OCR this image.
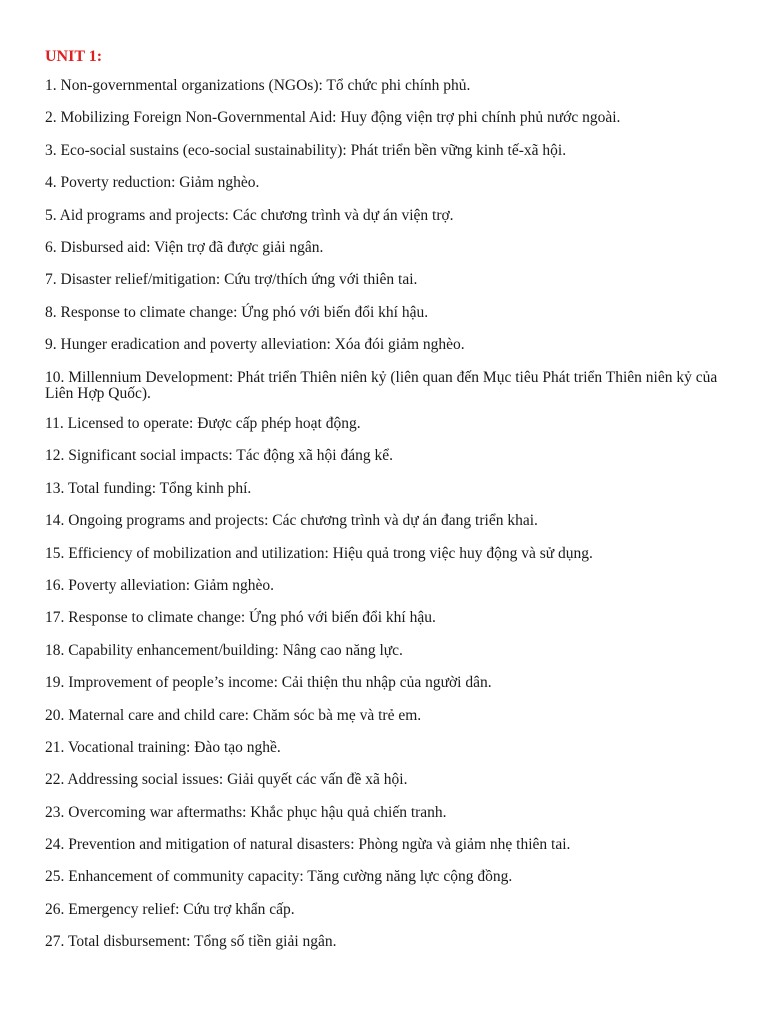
UNIT 1:
1. Non-governmental organizations (NGOs): Tổ chức phi chính phủ.
2. Mobilizing Foreign Non-Governmental Aid: Huy động viện trợ phi chính phủ nước ngoài.
3. Eco-social sustains (eco-social sustainability): Phát triển bền vững kinh tế-xã hội.
4. Poverty reduction: Giảm nghèo.
5. Aid programs and projects: Các chương trình và dự án viện trợ.
6. Disbursed aid: Viện trợ đã được giải ngân.
7. Disaster relief/mitigation: Cứu trợ/thích ứng với thiên tai.
8. Response to climate change: Ứng phó với biến đổi khí hậu.
9. Hunger eradication and poverty alleviation: Xóa đói giảm nghèo.
10. Millennium Development: Phát triển Thiên niên kỷ (liên quan đến Mục tiêu Phát triển Thiên niên kỷ của Liên Hợp Quốc).
11. Licensed to operate: Được cấp phép hoạt động.
12. Significant social impacts: Tác động xã hội đáng kể.
13. Total funding: Tổng kinh phí.
14. Ongoing programs and projects: Các chương trình và dự án đang triển khai.
15. Efficiency of mobilization and utilization: Hiệu quả trong việc huy động và sử dụng.
16. Poverty alleviation: Giảm nghèo.
17. Response to climate change: Ứng phó với biến đổi khí hậu.
18. Capability enhancement/building: Nâng cao năng lực.
19. Improvement of people’s income: Cải thiện thu nhập của người dân.
20. Maternal care and child care: Chăm sóc bà mẹ và trẻ em.
21. Vocational training: Đào tạo nghề.
22. Addressing social issues: Giải quyết các vấn đề xã hội.
23. Overcoming war aftermaths: Khắc phục hậu quả chiến tranh.
24. Prevention and mitigation of natural disasters: Phòng ngừa và giảm nhẹ thiên tai.
25. Enhancement of community capacity: Tăng cường năng lực cộng đồng.
26. Emergency relief: Cứu trợ khẩn cấp.
27. Total disbursement: Tổng số tiền giải ngân.
